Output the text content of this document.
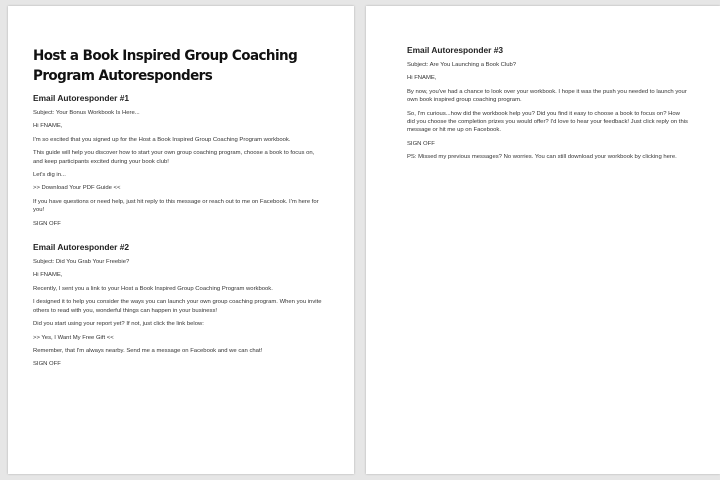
Host a Book Inspired Group Coaching Program Autoresponders
Email Autoresponder #1

Subject: Your Bonus Workbook Is Here...

Hi FNAME,

I'm so excited that you signed up for the Host a Book Inspired Group Coaching Program workbook.

This guide will help you discover how to start your own group coaching program, choose a book to focus on, and keep participants excited during your book club!

Let's dig in...

>> Download Your PDF Guide <<

If you have questions or need help, just hit reply to this message or reach out to me on Facebook. I'm here for you!

SIGN OFF

Email Autoresponder #2

Subject: Did You Grab Your Freebie?

Hi FNAME,

Recently, I sent you a link to your Host a Book Inspired Group Coaching Program workbook.

I designed it to help you consider the ways you can launch your own group coaching program. When you invite others to read with you, wonderful things can happen in your business!

Did you start using your report yet? If not, just click the link below:

>> Yes, I Want My Free Gift <<

Remember, that I'm always nearby. Send me a message on Facebook and we can chat!

SIGN OFF

Email Autoresponder #3

Subject: Are You Launching a Book Club?

Hi FNAME,

By now, you've had a chance to look over your workbook. I hope it was the push you needed to launch your own book inspired group coaching program.

So, I'm curious...how did the workbook help you? Did you find it easy to choose a book to focus on? How did you choose the completion prizes you would offer? I'd love to hear your feedback! Just click reply on this message or hit me up on Facebook.

SIGN OFF

PS: Missed my previous messages? No worries. You can still download your workbook by clicking here.
